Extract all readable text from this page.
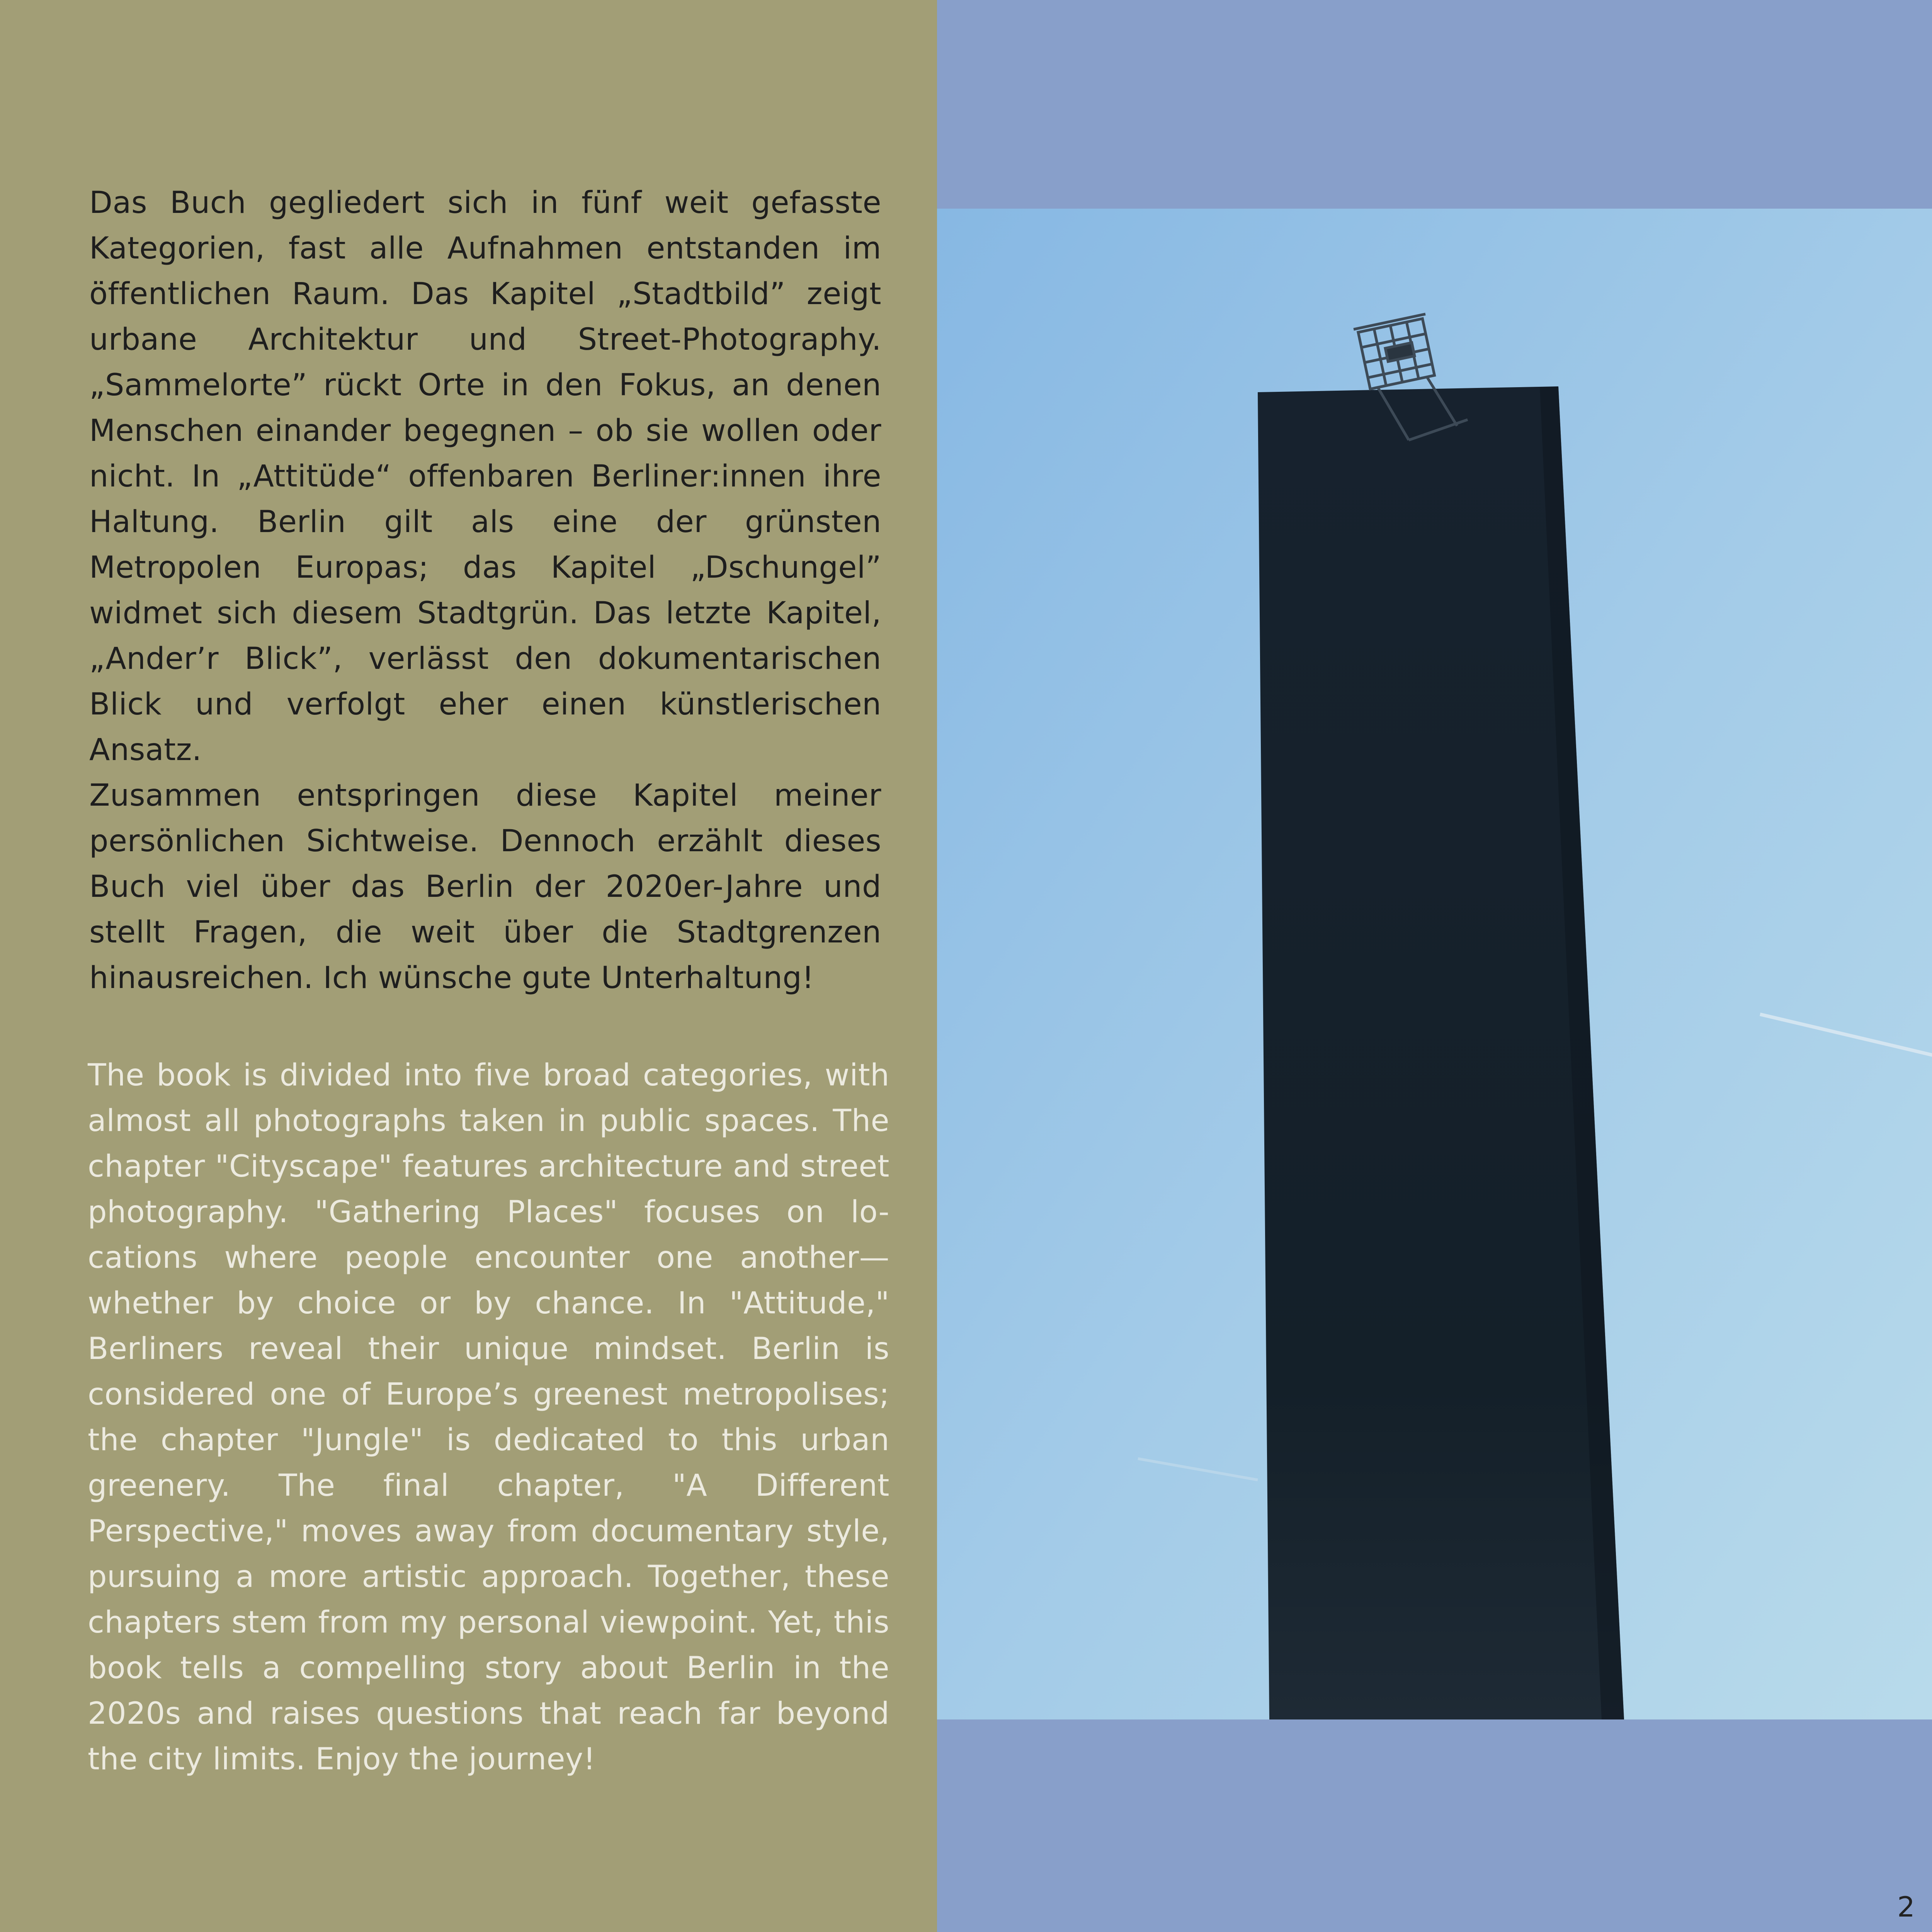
Das Buch gegliedert sich in fünf weit gefasste Kategorien, fast alle Aufnahmen entstanden im öffentlichen Raum. Das Kapitel „Stadtbild” zeigt urbane Architektur und Street-Photography. „Sammelorte” rückt Orte in den Fokus, an denen Menschen einander begegnen – ob sie wollen oder nicht. In „Attitüde“ offenbaren Berliner:innen ihre Haltung. Berlin gilt als eine der grünsten Metropolen Europas; das Kapitel „Dschungel” widmet sich diesem Stadtgrün. Das letzte Kapitel, „Ander’r Blick”, verlässt den dokumentarischen Blick und verfolgt eher einen künstlerischen Ansatz.

Zusammen entspringen diese Kapitel meiner persönlichen Sichtweise. Dennoch erzählt dieses Buch viel über das Berlin der 2020er-Jahre und stellt Fragen, die weit über die Stadtgrenzen hinausreichen. Ich wünsche gute Unterhaltung!

The book is divided into five broad categories, with almost all photographs taken in public spaces. The chapter "Cityscape" features architecture and street photography. "Gathering Places" focuses on lo-cations where people encounter one another—whether by choice or by chance. In "Attitude," Berliners reveal their unique mindset. Berlin is considered one of Europe’s greenest metropolises; the chapter "Jungle" is dedicated to this urban greenery. The final chapter, "A Different Perspective," moves away from documentary style, pursuing a more artistic approach. Together, these chapters stem from my personal viewpoint. Yet, this book tells a compelling story about Berlin in the 2020s and raises questions that reach far beyond the city limits. Enjoy the journey!

2
